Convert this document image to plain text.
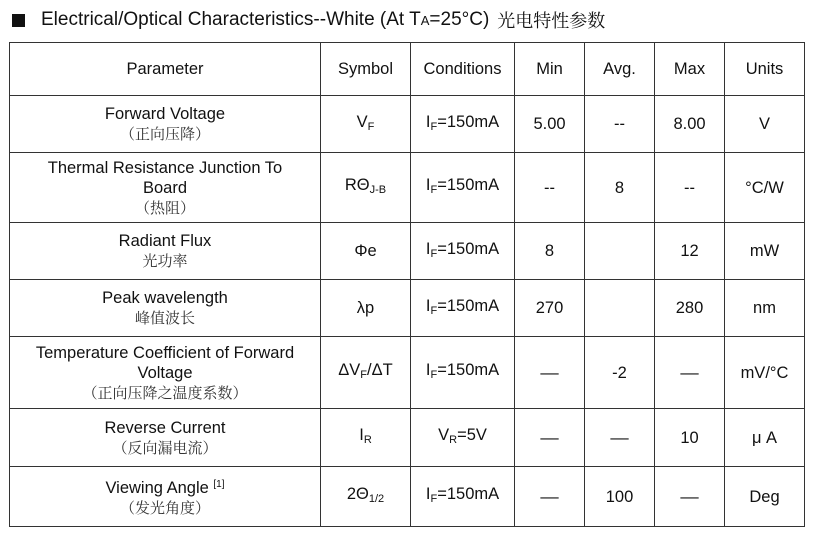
Electrical/Optical Characteristics--White (At T A =25°C) 光电特性参数
Parameter	Symbol	Conditions	Min	Avg.	Max	Units

Forward Voltage
（正向压降）	$V_F$	$I_F=150mA$	5.00	--	8.00	V

Thermal Resistance Junction To Board
（热阻）	$R\Theta_{J-B}$	$I_F=150mA$	--	8	--	°C/W

Radiant Flux
光功率	Φe	$I_F=150mA$	8		12	mW

Peak wavelength
峰值波长	λp	$I_F=150mA$	270		280	nm

Temperature Coefficient of Forward Voltage
（正向压降之温度系数）	$\Delta V_F/\Delta T$	$I_F=150mA$	––	-2	––	mV/°C

Reverse Current
（反向漏电流）	$I_R$	$V_R=5V$	––	––	10	μ A

Viewing Angle [1]
（发光角度）	$2\Theta_{1/2}$	$I_F=150mA$	––	100	––	Deg
